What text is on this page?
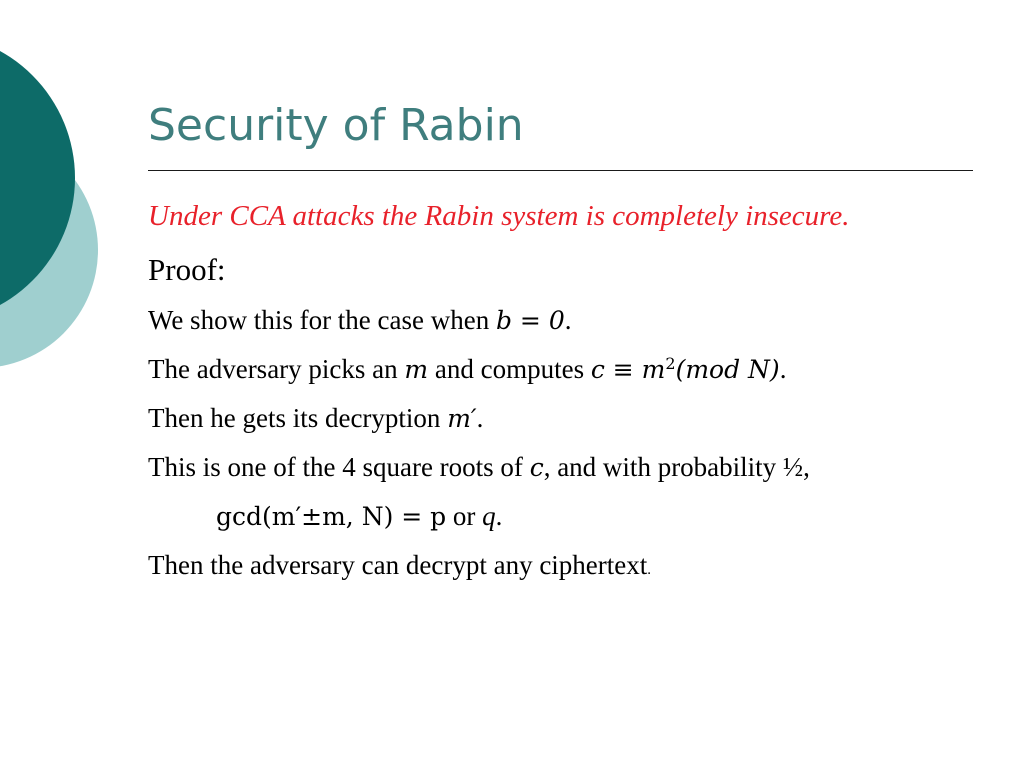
Security of Rabin

Under CCA attacks the Rabin system is completely insecure.

Proof:

We show this for the case when b = 0.

The adversary picks an m and computes $c \equiv m^2(mod$ N).

Then he gets its decryption m′.

This is one of the 4 square roots of c, and with probability ½,

gcd(m′±m, N) = p or q.

Then the adversary can decrypt any ciphertext.
